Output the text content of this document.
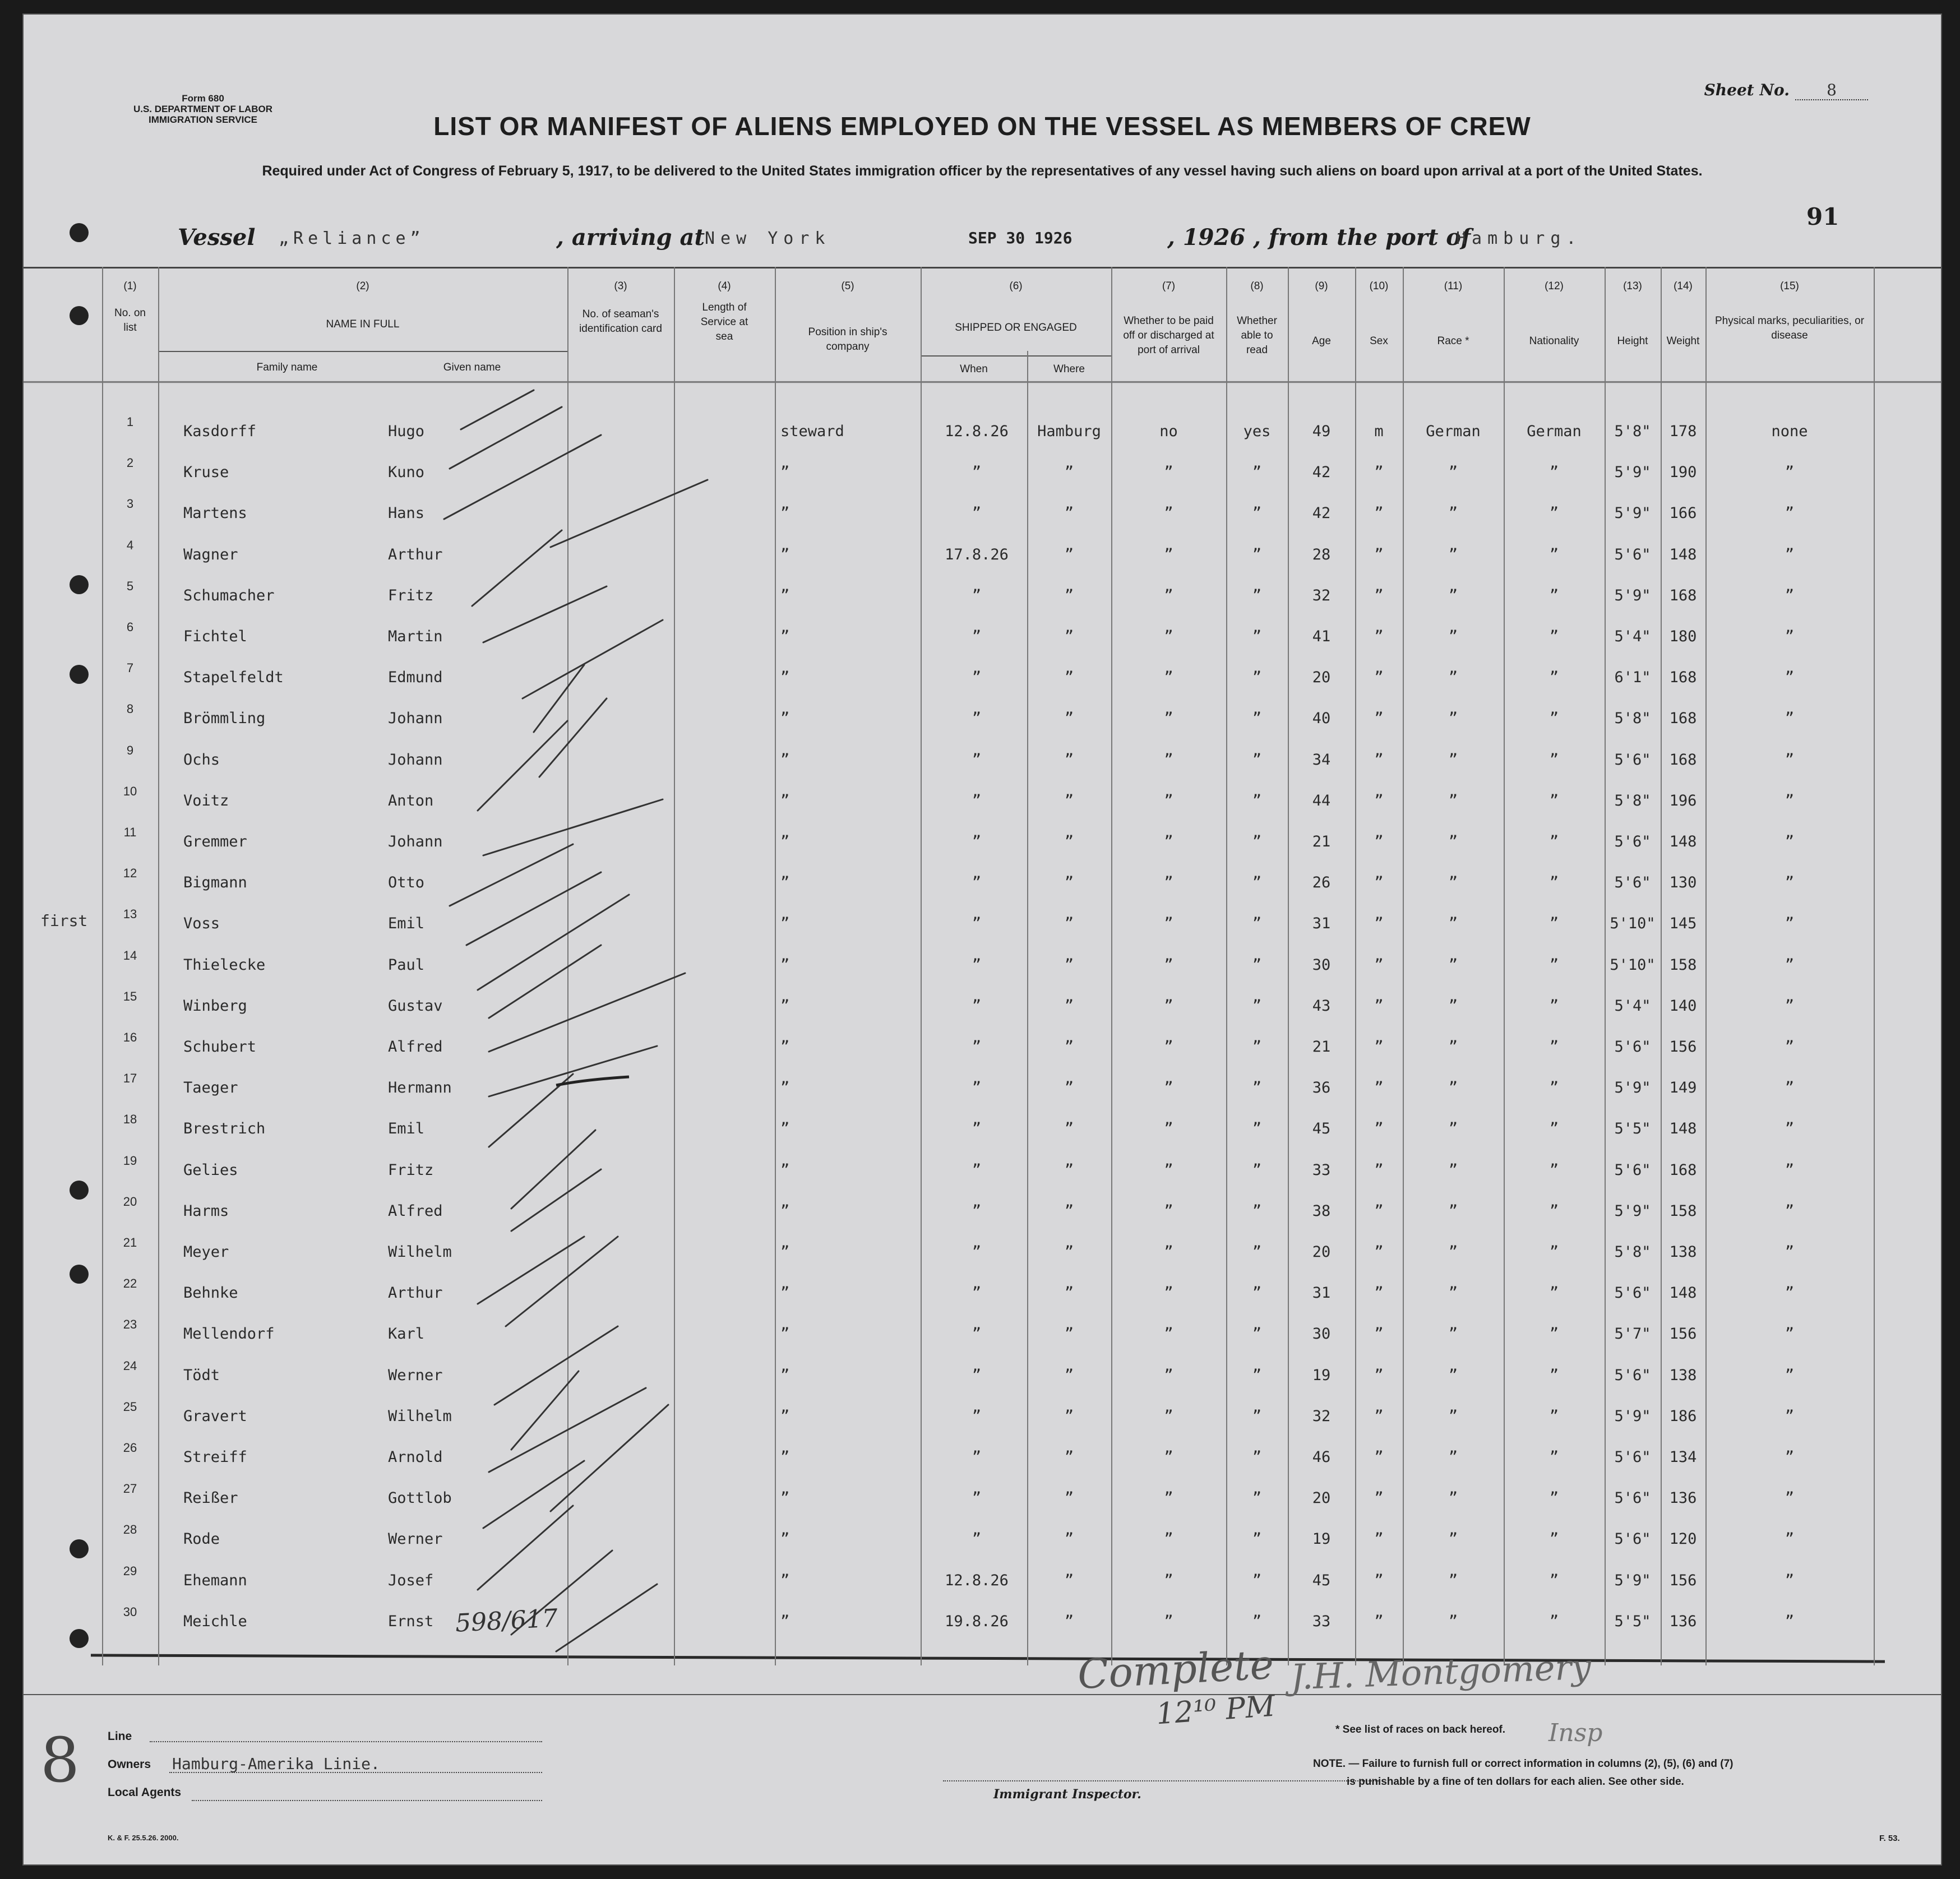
Form 680
U.S. DEPARTMENT OF LABOR
IMMIGRATION SERVICE
Sheet No. 8
LIST OR MANIFEST OF ALIENS EMPLOYED ON THE VESSEL AS MEMBERS OF CREW
Required under Act of Congress of February 5, 1917, to be delivered to the United States immigration officer by the representatives of any vessel having such aliens on board upon arrival at a port of the United States.
91
Vessel „Reliance”	, arriving at New York	SEP 30 1926	, 1926 , from the port of
Hamburg.
(1)	(2)	(3)	(4)	(5)	(6)	(7)	(8)	(9)	(10)	(11)	(12)	(13)	(14)	(15)
No. on list	NAME IN FULL
Family name	Given name
No. of seaman's identification card
Length of Service at sea	Position in ship's company
SHIPPED OR ENGAGED
When	Where
Whether to be paid off or discharged at port of arrival
Whether able to read
Age	Sex	Race *	Nationality	Height	Weight
Physical marks, peculiarities, or disease
first
1
Kasdorff	Hugo	steward	12.8.26	Hamburg	no	yes	49	m	German	German	5'8"	178	none
2
Kruse	Kuno	”	”	”	”	”	42	”	”	”	5'9"	190	”
3
Martens	Hans	”	”	”	”	”	42	”	”	”	5'9"	166	”
4
Wagner	Arthur	”	17.8.26	”	”	”	28	”	”	”	5'6"	148	”
5
Schumacher	Fritz	”	”	”	”	”	32	”	”	”	5'9"	168	”
6
Fichtel	Martin	”	”	”	”	”	41	”	”	”	5'4"	180	”
7
Stapelfeldt	Edmund	”	”	”	”	”	20	”	”	”	6'1"	168	”
8
Brömmling	Johann	”	”	”	”	”	40	”	”	”	5'8"	168	”
9
Ochs	Johann	”	”	”	”	”	34	”	”	”	5'6"	168	”
10
Voitz	Anton	”	”	”	”	”	44	”	”	”	5'8"	196	”
11
Gremmer	Johann	”	”	”	”	”	21	”	”	”	5'6"	148	”
12
Bigmann	Otto	”	”	”	”	”	26	”	”	”	5'6"	130	”
13
Voss	Emil	”	”	”	”	”	31	”	”	”	5'10" 145	”
14
Thielecke	Paul	”	”	”	”	”	30	”	”	”	5'10" 158	”
15
Winberg	Gustav	”	”	”	”	”	43	”	”	”	5'4"	140	”
16
Schubert	Alfred	”	”	”	”	”	21	”	”	”	5'6"	156	”
17
Taeger	Hermann	”	”	”	”	”	36	”	”	”	5'9"	149	”
18
Brestrich	Emil	”	”	”	”	”	45	”	”	”	5'5"	148	”
19
Gelies	Fritz	”	”	”	”	”	33	”	”	”	5'6"	168	”
20
Harms	Alfred	”	”	”	”	”	38	”	”	”	5'9"	158	”
21
Meyer	Wilhelm	”	”	”	”	”	20	”	”	”	5'8"	138	”
22
Behnke	Arthur	”	”	”	”	”	31	”	”	”	5'6"	148	”
23
Mellendorf	Karl	”	”	”	”	”	30	”	”	”	5'7"	156	”
24
Tödt	Werner	”	”	”	”	”	19	”	”	”	5'6"	138	”
25
Gravert	Wilhelm	”	”	”	”	”	32	”	”	”	5'9"	186	”
26
Streiff	Arnold	”	”	”	”	”	46	”	”	”	5'6"	134	”
27
Reißer	Gottlob	”	”	”	”	”	20	”	”	”	5'6"	136	”
28
Rode	Werner	”	”	”	”	”	19	”	”	”	5'6"	120	”
29
Ehemann	Josef	”	12.8.26	”	”	”	45	”	”	”	5'9"	156	”
30
Meichle	Ernst	”	19.8.26	”	”	”	33	”	”	”	5'5"	136	”
598/617
Complete
12¹⁰ PM
J.H. Montgomery
Insp
8 Line
Owners Hamburg-Amerika Linie.
Local Agents	Immigrant Inspector.
* See list of races on back hereof.
NOTE. — Failure to furnish full or correct information in columns (2), (5), (6) and (7)
is punishable by a fine of ten dollars for each alien. See other side.
K. & F. 25.5.26. 2000.	F. 53.
